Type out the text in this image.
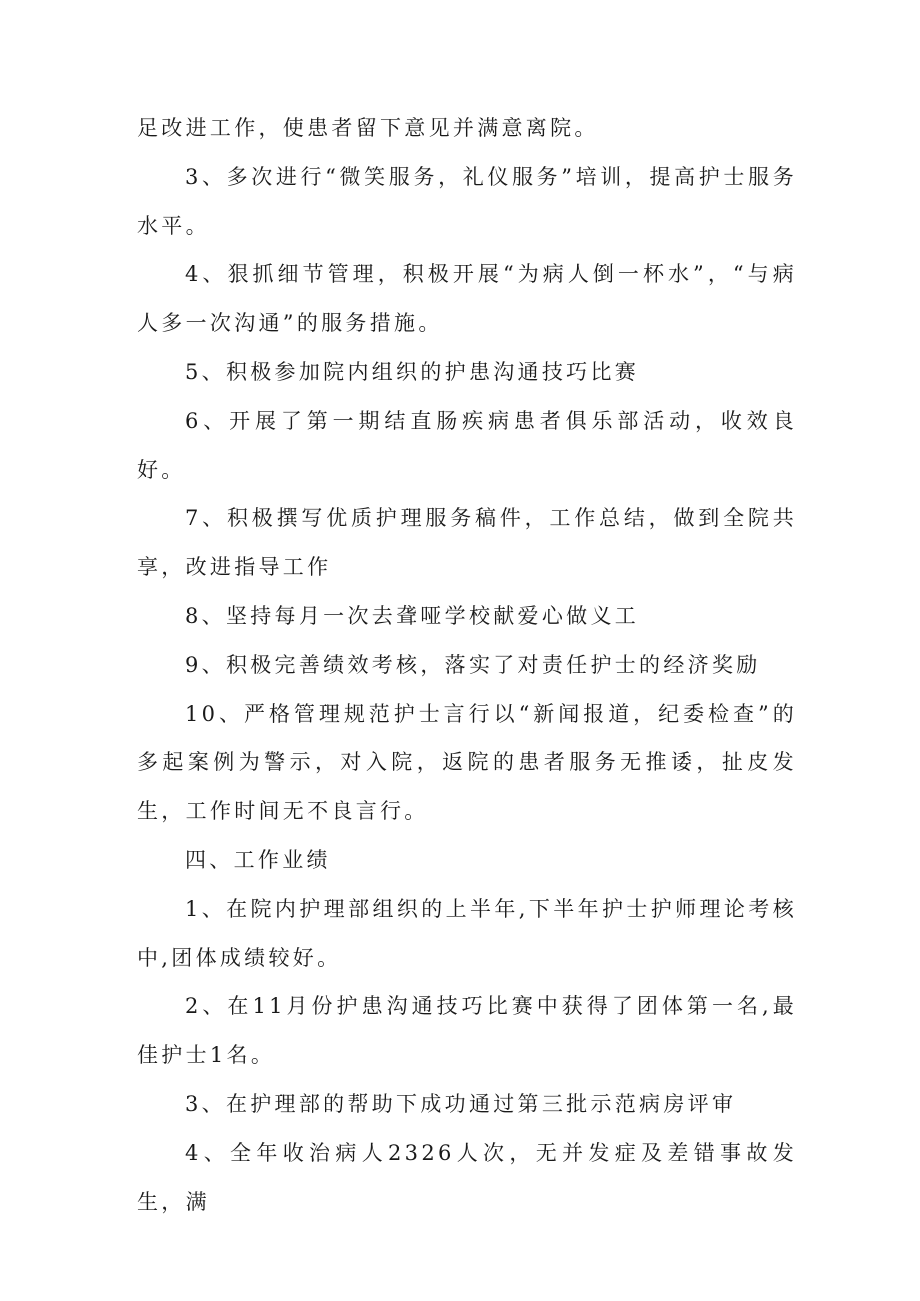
足改进工作，使患者留下意见并满意离院。

3、多次进行“微笑服务，礼仪服务”培训，提高护士服务水平。

4、狠抓细节管理，积极开展“为病人倒一杯水”，“与病人多一次沟通”的服务措施。

5、积极参加院内组织的护患沟通技巧比赛

6、开展了第一期结直肠疾病患者俱乐部活动，收效良好。

7、积极撰写优质护理服务稿件，工作总结，做到全院共享，改进指导工作

8、坚持每月一次去聋哑学校献爱心做义工

9、积极完善绩效考核，落实了对责任护士的经济奖励

10、严格管理规范护士言行以“新闻报道，纪委检查”的多起案例为警示，对入院，返院的患者服务无推诿，扯皮发生，工作时间无不良言行。

四、工作业绩

1、在院内护理部组织的上半年,下半年护士护师理论考核中,团体成绩较好。

2、在11月份护患沟通技巧比赛中获得了团体第一名,最佳护士1名。

3、在护理部的帮助下成功通过第三批示范病房评审

4、全年收治病人2326人次，无并发症及差错事故发生，满
